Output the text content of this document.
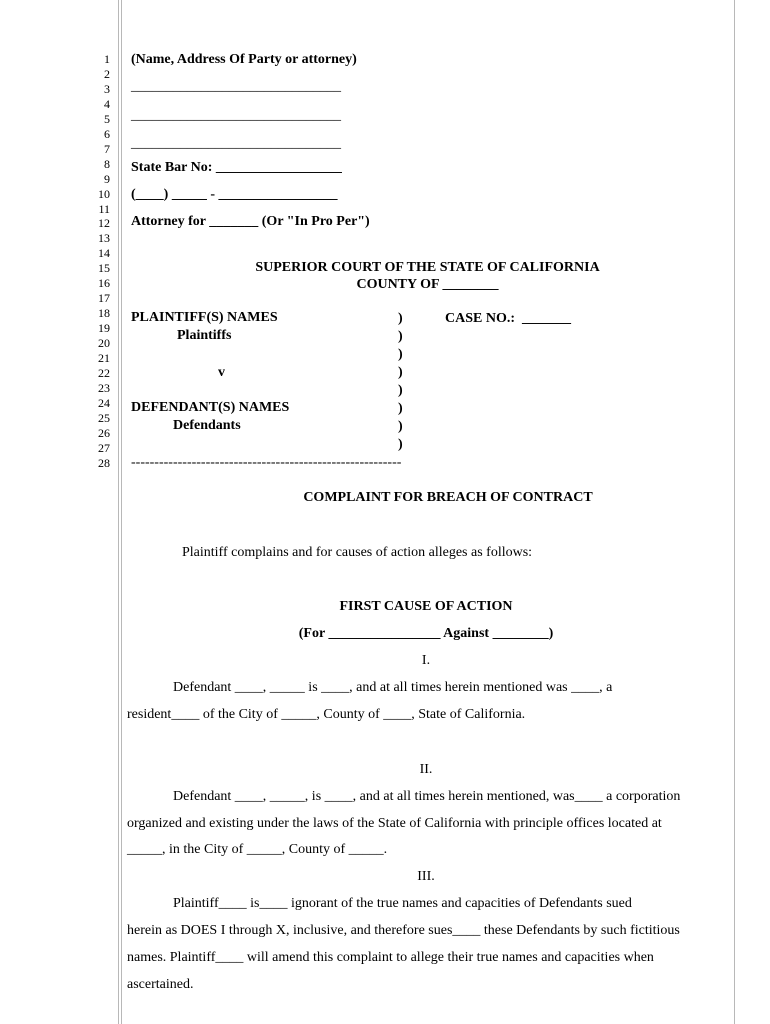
1
2
3
4
5
6
7
8
9
10
11
12
13
14
15
16
17
18
19
20
21
22
23
24
25
26
27
28
(Name, Address Of Party or attorney)
______________________________
______________________________
______________________________
State Bar No: __________________
(____) _____ - _________________
Attorney for _______ (Or "In Pro Per")
SUPERIOR COURT OF THE STATE OF CALIFORNIA
COUNTY OF ________
PLAINTIFF(S) NAMES
Plaintiffs
v
DEFENDANT(S) NAMES
Defendants
CASE NO.:  _______
)
)
)
)
)
)
)
)
----------------------------------------------------------
COMPLAINT FOR BREACH OF CONTRACT
Plaintiff complains and for causes of action alleges as follows:
FIRST CAUSE OF ACTION
(For ________________ Against ________)
I.
Defendant ____, _____ is ____, and at all times herein mentioned was ____, a
resident____ of the City of _____, County of ____, State of California.
II.
Defendant ____, _____, is ____, and at all times herein mentioned, was____ a corporation
organized and existing under the laws of the State of California with principle offices located at
_____, in the City of _____, County of _____.
III.
Plaintiff____ is____ ignorant of the true names and capacities of Defendants sued
herein as DOES I through X, inclusive, and therefore sues____ these Defendants by such fictitious
names. Plaintiff____ will amend this complaint to allege their true names and capacities when
ascertained.
